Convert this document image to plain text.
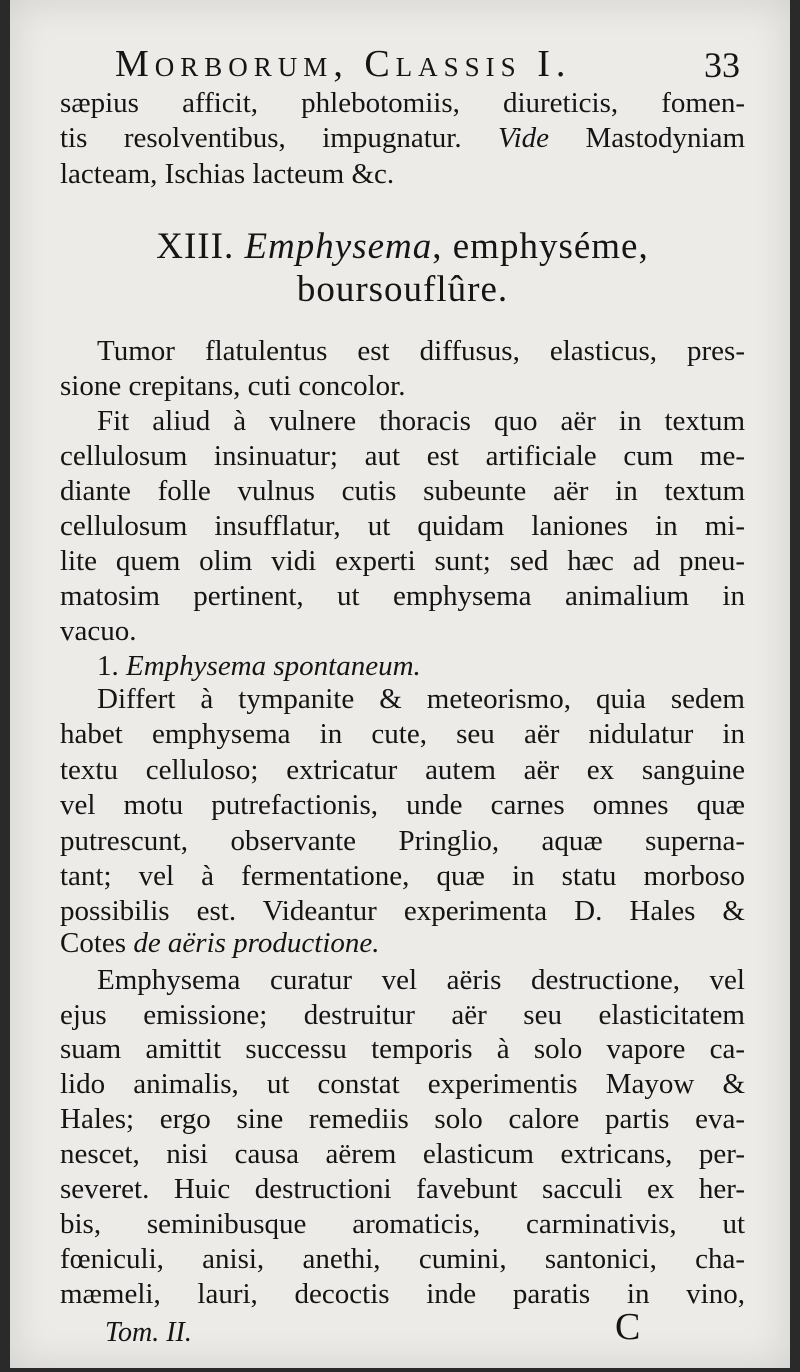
Morborum, Classis I.	33
sæpius afficit, phlebotomiis, diureticis, fomen-
tis resolventibus, impugnatur. Vide Mastodyniam
lacteam, Ischias lacteum &c.
XIII. Emphysema, emphyséme,
boursouflûre.
Tumor flatulentus est diffusus, elasticus, pres-
sione crepitans, cuti concolor.
Fit aliud à vulnere thoracis quo aër in textum
cellulosum insinuatur; aut est artificiale cum me-
diante folle vulnus cutis subeunte aër in textum
cellulosum insufflatur, ut quidam laniones in mi-
lite quem olim vidi experti sunt; sed hæc ad pneu-
matosim pertinent, ut emphysema animalium in
vacuo.
1. Emphysema spontaneum.
Differt à tympanite & meteorismo, quia sedem
habet emphysema in cute, seu aër nidulatur in
textu celluloso; extricatur autem aër ex sanguine
vel motu putrefactionis, unde carnes omnes quæ
putrescunt, observante Pringlio, aquæ superna-
tant; vel à fermentatione, quæ in statu morboso
possibilis est. Videantur experimenta D. Hales &
Cotes de aëris productione.
Emphysema curatur vel aëris destructione, vel
ejus emissione; destruitur aër seu elasticitatem
suam amittit successu temporis à solo vapore ca-
lido animalis, ut constat experimentis Mayow &
Hales; ergo sine remediis solo calore partis eva-
nescet, nisi causa aërem elasticum extricans, per-
severet. Huic destructioni favebunt sacculi ex her-
bis, seminibusque aromaticis, carminativis, ut
fœniculi, anisi, anethi, cumini, santonici, cha-
mæmeli, lauri, decoctis inde paratis in vino,
Tom. II.	C
